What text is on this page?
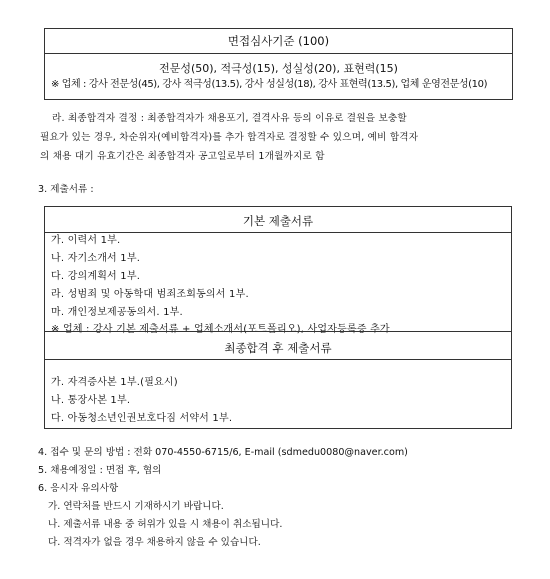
면접심사기준 (100)
전문성(50), 적극성(15), 성실성(20), 표현력(15)
※ 업체 : 강사 전문성(45), 강사 적극성(13.5), 강사 성실성(18), 강사 표현력(13.5), 업체 운영전문성(10)
라. 최종합격자 결정 : 최종합격자가 채용포기, 결격사유 등의 이유로 결원을 보충할
필요가 있는 경우, 차순위자(예비합격자)를 추가 합격자로 결정할 수 있으며, 예비 합격자
의 채용 대기 유효기간은 최종합격자 공고일로부터 1개월까지로 함
3. 제출서류 :
기본 제출서류
가. 이력서 1부.
나. 자기소개서 1부.
다. 강의계획서 1부.
라. 성범죄 및 아동학대 범죄조회동의서 1부.
마. 개인정보제공동의서. 1부.
※ 업체 : 강사 기본 제출서류 + 업체소개서(포트폴리오), 사업자등록증 추가
최종합격 후 제출서류
가. 자격증사본 1부.(필요시)
나. 통장사본 1부.
다. 아동청소년인권보호다짐 서약서 1부.
4. 접수 및 문의 방법 : 전화 070-4550-6715/6, E-mail (sdmedu0080@naver.com)
5. 채용예정일 : 면접 후, 협의
6. 응시자 유의사항
가. 연락처를 반드시 기재하시기 바랍니다.
나. 제출서류 내용 중 허위가 있을 시 채용이 취소됩니다.
다. 적격자가 없을 경우 채용하지 않을 수 있습니다.
